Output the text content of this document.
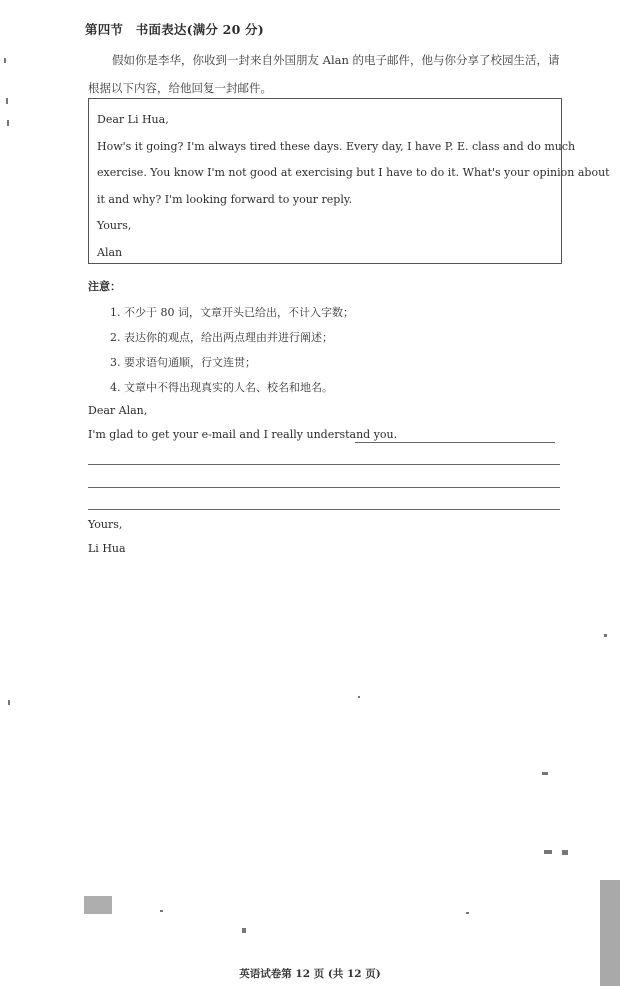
第四节　书面表达(满分 20 分)
假如你是李华，你收到一封来自外国朋友 Alan 的电子邮件，他与你分享了校园生活，请根据以下内容，给他回复一封邮件。
Dear Li Hua,
How's it going? I'm always tired these days. Every day, I have P. E. class and do much
exercise. You know I'm not good at exercising but I have to do it. What's your opinion about
it and why? I'm looking forward to your reply.
Yours,
Alan
注意：
1. 不少于 80 词，文章开头已给出，不计入字数；
2. 表达你的观点，给出两点理由并进行阐述；
3. 要求语句通顺，行文连贯；
4. 文章中不得出现真实的人名、校名和地名。
Dear Alan,
I'm glad to get your e-mail and I really understand you.
Yours,
Li Hua
英语试卷第 12 页 (共 12 页)
